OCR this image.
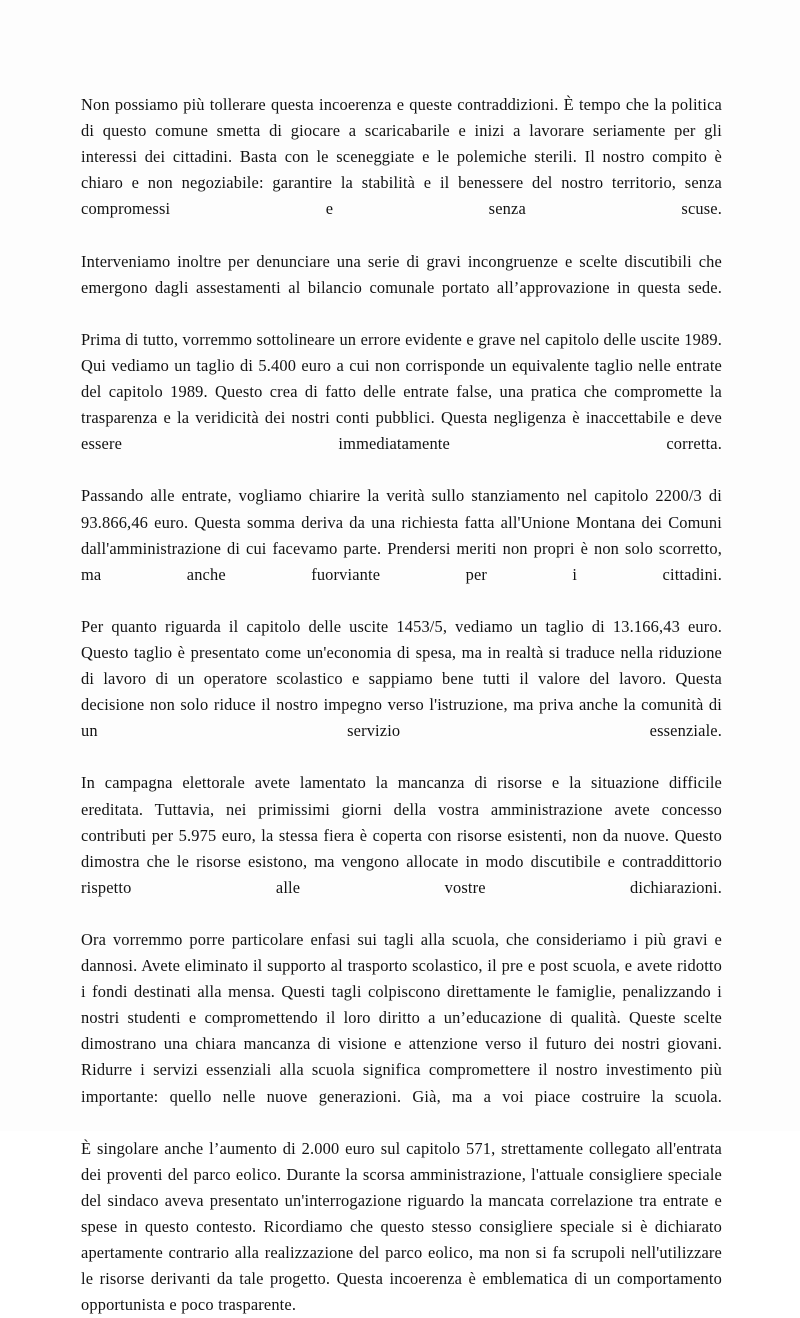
Non possiamo più tollerare questa incoerenza e queste contraddizioni. È tempo che la politica di questo comune smetta di giocare a scaricabarile e inizi a lavorare seriamente per gli interessi dei cittadini. Basta con le sceneggiate e le polemiche sterili. Il nostro compito è chiaro e non negoziabile: garantire la stabilità e il benessere del nostro territorio, senza compromessi e senza scuse.

Interveniamo inoltre per denunciare una serie di gravi incongruenze e scelte discutibili che emergono dagli assestamenti al bilancio comunale portato all’approvazione in questa sede.

Prima di tutto, vorremmo sottolineare un errore evidente e grave nel capitolo delle uscite 1989. Qui vediamo un taglio di 5.400 euro a cui non corrisponde un equivalente taglio nelle entrate del capitolo 1989. Questo crea di fatto delle entrate false, una pratica che compromette la trasparenza e la veridicità dei nostri conti pubblici. Questa negligenza è inaccettabile e deve essere immediatamente corretta.

Passando alle entrate, vogliamo chiarire la verità sullo stanziamento nel capitolo 2200/3 di 93.866,46 euro. Questa somma deriva da una richiesta fatta all'Unione Montana dei Comuni dall'amministrazione di cui facevamo parte. Prendersi meriti non propri è non solo scorretto, ma anche fuorviante per i cittadini.

Per quanto riguarda il capitolo delle uscite 1453/5, vediamo un taglio di 13.166,43 euro. Questo taglio è presentato come un'economia di spesa, ma in realtà si traduce nella riduzione di lavoro di un operatore scolastico e sappiamo bene tutti il valore del lavoro. Questa decisione non solo riduce il nostro impegno verso l'istruzione, ma priva anche la comunità di un servizio essenziale.

In campagna elettorale avete lamentato la mancanza di risorse e la situazione difficile ereditata. Tuttavia, nei primissimi giorni della vostra amministrazione avete concesso contributi per 5.975 euro, la stessa fiera è coperta con risorse esistenti, non da nuove. Questo dimostra che le risorse esistono, ma vengono allocate in modo discutibile e contraddittorio rispetto alle vostre dichiarazioni.

Ora vorremmo porre particolare enfasi sui tagli alla scuola, che consideriamo i più gravi e dannosi. Avete eliminato il supporto al trasporto scolastico, il pre e post scuola, e avete ridotto i fondi destinati alla mensa. Questi tagli colpiscono direttamente le famiglie, penalizzando i nostri studenti e compromettendo il loro diritto a un’educazione di qualità. Queste scelte dimostrano una chiara mancanza di visione e attenzione verso il futuro dei nostri giovani. Ridurre i servizi essenziali alla scuola significa compromettere il nostro investimento più importante: quello nelle nuove generazioni. Già, ma a voi piace costruire la scuola.

È singolare anche l’aumento di 2.000 euro sul capitolo 571, strettamente collegato all'entrata dei proventi del parco eolico. Durante la scorsa amministrazione, l'attuale consigliere speciale del sindaco aveva presentato un'interrogazione riguardo la mancata correlazione tra entrate e spese in questo contesto. Ricordiamo che questo stesso consigliere speciale si è dichiarato apertamente contrario alla realizzazione del parco eolico, ma non si fa scrupoli nell'utilizzare le risorse derivanti da tale progetto. Questa incoerenza è emblematica di un comportamento opportunista e poco trasparente.
